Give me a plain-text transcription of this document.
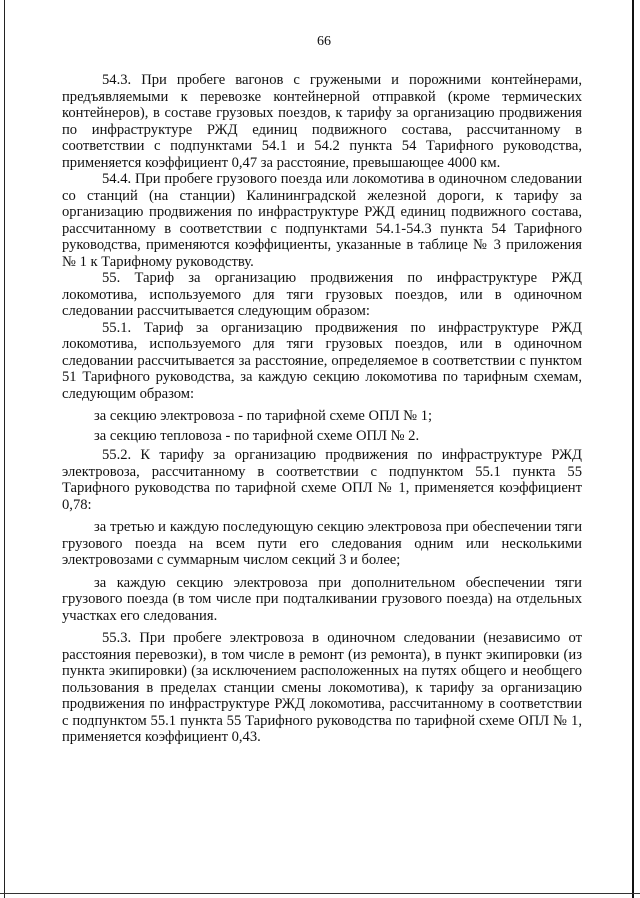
66

54.3. При пробеге вагонов с гружеными и порожними контейнерами, предъявляемыми к перевозке контейнерной отправкой (кроме термических контейнеров), в составе грузовых поездов, к тарифу за организацию продвижения по инфраструктуре РЖД единиц подвижного состава, рассчитанному в соответствии с подпунктами 54.1 и 54.2 пункта 54 Тарифного руководства, применяется коэффициент 0,47 за расстояние, превышающее 4000 км.

54.4. При пробеге грузового поезда или локомотива в одиночном следовании со станций (на станции) Калининградской железной дороги, к тарифу за организацию продвижения по инфраструктуре РЖД единиц подвижного состава, рассчитанному в соответствии с подпунктами 54.1-54.3 пункта 54 Тарифного руководства, применяются коэффициенты, указанные в таблице № 3 приложения № 1 к Тарифному руководству.

55. Тариф за организацию продвижения по инфраструктуре РЖД локомотива, используемого для тяги грузовых поездов, или в одиночном следовании рассчитывается следующим образом:

55.1. Тариф за организацию продвижения по инфраструктуре РЖД локомотива, используемого для тяги грузовых поездов, или в одиночном следовании рассчитывается за расстояние, определяемое в соответствии с пунктом 51 Тарифного руководства, за каждую секцию локомотива по тарифным схемам, следующим образом:

за секцию электровоза - по тарифной схеме ОПЛ № 1;

за секцию тепловоза - по тарифной схеме ОПЛ № 2.

55.2. К тарифу за организацию продвижения по инфраструктуре РЖД электровоза, рассчитанному в соответствии с подпунктом 55.1 пункта 55 Тарифного руководства по тарифной схеме ОПЛ № 1, применяется коэффициент 0,78:

за третью и каждую последующую секцию электровоза при обеспечении тяги грузового поезда на всем пути его следования одним или несколькими электровозами с суммарным числом секций 3 и более;

за каждую секцию электровоза при дополнительном обеспечении тяги грузового поезда (в том числе при подталкивании грузового поезда) на отдельных участках его следования.

55.3. При пробеге электровоза в одиночном следовании (независимо от расстояния перевозки), в том числе в ремонт (из ремонта), в пункт экипировки (из пункта экипировки) (за исключением расположенных на путях общего и необщего пользования в пределах станции смены локомотива), к тарифу за организацию продвижения по инфраструктуре РЖД локомотива, рассчитанному в соответствии с подпунктом 55.1 пункта 55 Тарифного руководства по тарифной схеме ОПЛ № 1, применяется коэффициент 0,43.
